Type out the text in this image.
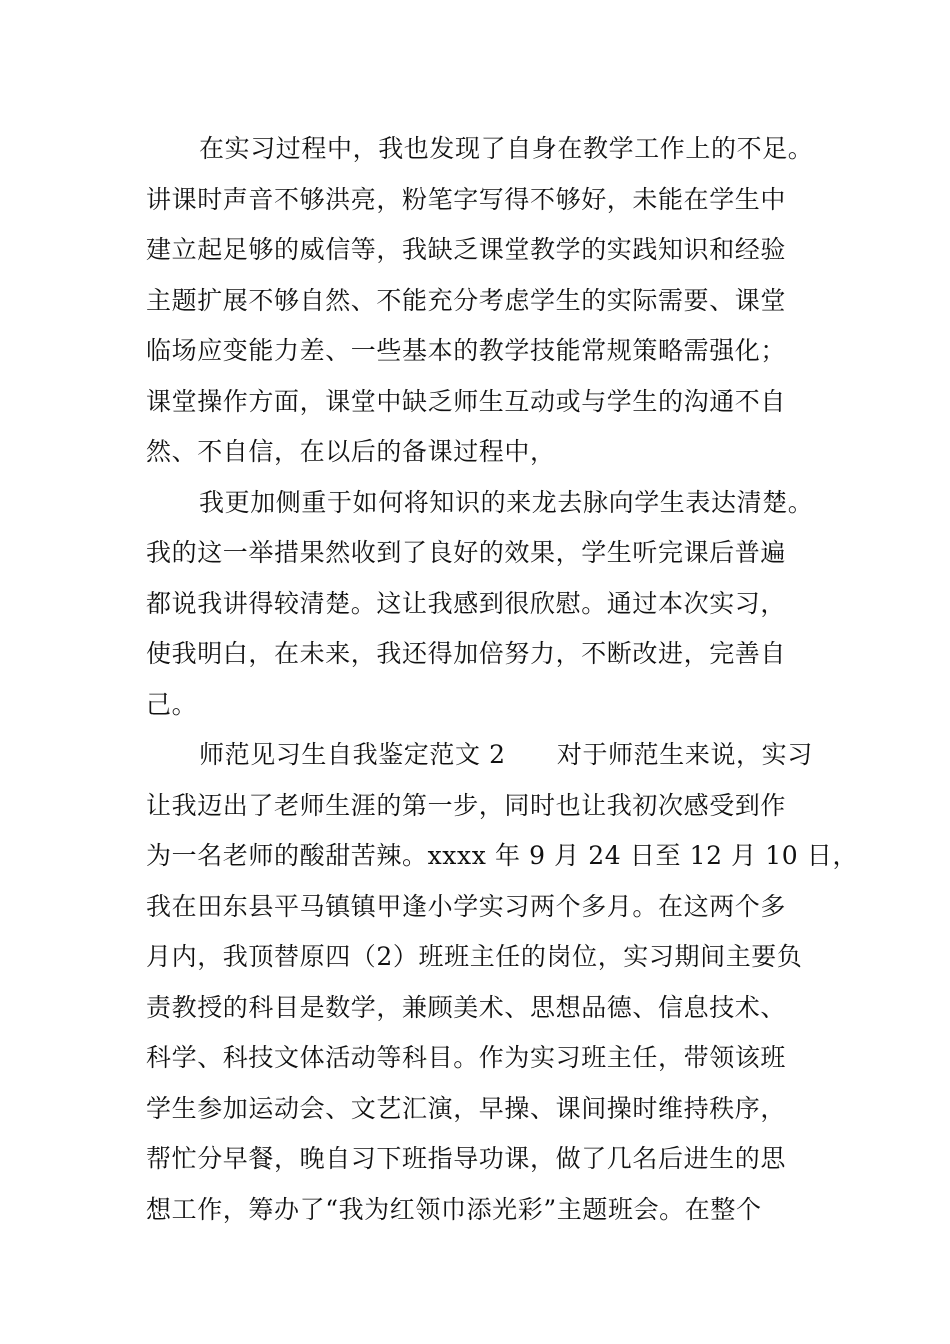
在实习过程中，我也发现了自身在教学工作上的不足。
讲课时声音不够洪亮，粉笔字写得不够好，未能在学生中
建立起足够的威信等，我缺乏课堂教学的实践知识和经验
主题扩展不够自然、不能充分考虑学生的实际需要、课堂
临场应变能力差、一些基本的教学技能常规策略需强化；
课堂操作方面，课堂中缺乏师生互动或与学生的沟通不自
然、不自信，在以后的备课过程中，
我更加侧重于如何将知识的来龙去脉向学生表达清楚。
我的这一举措果然收到了良好的效果，学生听完课后普遍
都说我讲得较清楚。这让我感到很欣慰。通过本次实习，
使我明白，在未来，我还得加倍努力，不断改进，完善自
己。
师范见习生自我鉴定范文 2　　对于师范生来说，实习
让我迈出了老师生涯的第一步，同时也让我初次感受到作
为一名老师的酸甜苦辣。xxxx 年 9 月 24 日至 12 月 10 日，
我在田东县平马镇镇甲逢小学实习两个多月。在这两个多
月内，我顶替原四（2）班班主任的岗位，实习期间主要负
责教授的科目是数学，兼顾美术、思想品德、信息技术、
科学、科技文体活动等科目。作为实习班主任，带领该班
学生参加运动会、文艺汇演，早操、课间操时维持秩序，
帮忙分早餐，晚自习下班指导功课，做了几名后进生的思
想工作，筹办了“我为红领巾添光彩”主题班会。在整个
